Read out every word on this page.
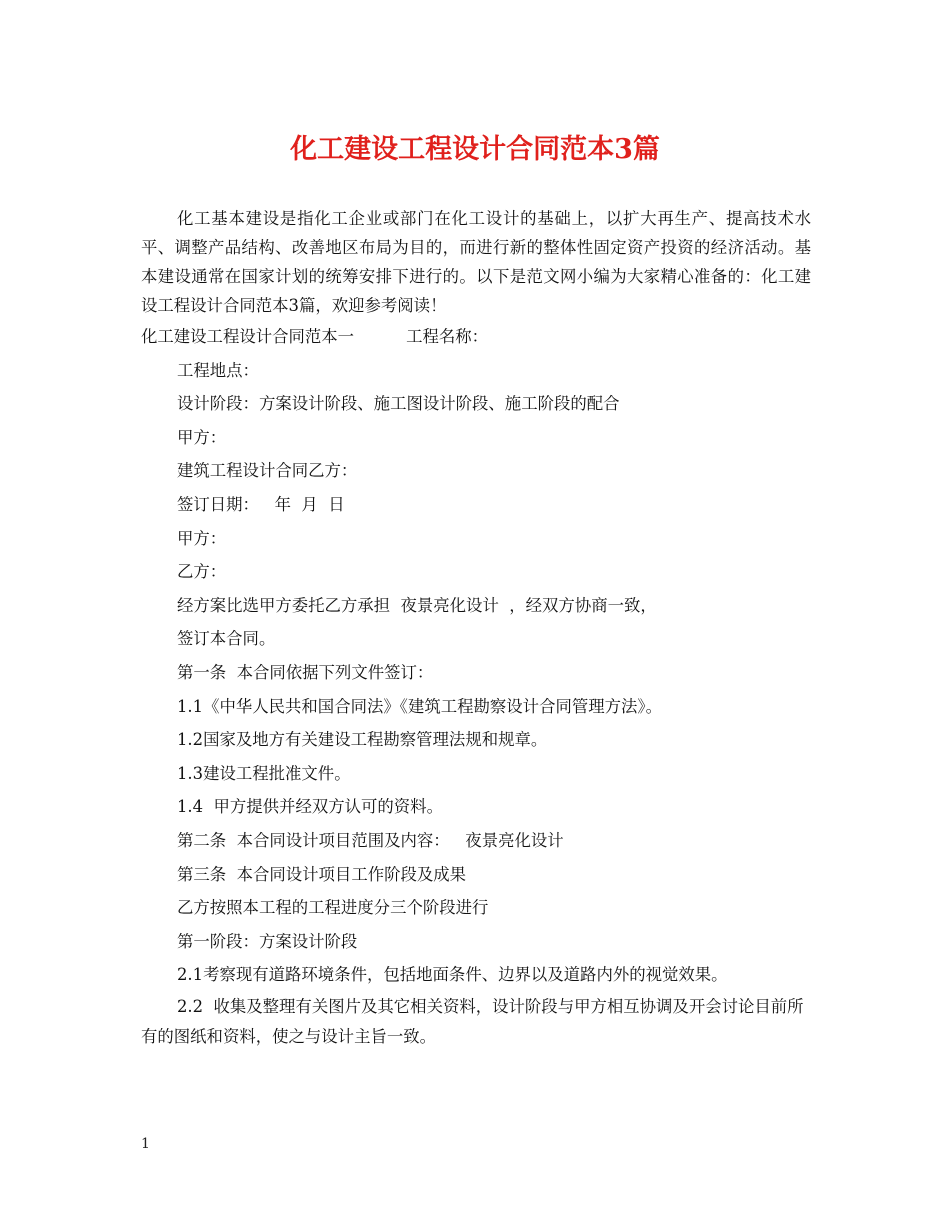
化工建设工程设计合同范本3篇

化工基本建设是指化工企业或部门在化工设计的基础上，以扩大再生产、提高技术水平、调整产品结构、改善地区布局为目的，而进行新的整体性固定资产投资的经济活动。基本建设通常在国家计划的统筹安排下进行的。以下是范文网小编为大家精心准备的：化工建设工程设计合同范本3篇，欢迎参考阅读！

化工建设工程设计合同范本一	工程名称：

工程地点：

设计阶段：方案设计阶段、施工图设计阶段、施工阶段的配合

甲方：

建筑工程设计合同乙方：

签订日期：   年  月  日

甲方：

乙方：

经方案比选甲方委托乙方承担  夜景亮化设计  ，经双方协商一致，

签订本合同。

第一条  本合同依据下列文件签订：

1.1《中华人民共和国合同法》《建筑工程勘察设计合同管理方法》。

1.2国家及地方有关建设工程勘察管理法规和规章。

1.3建设工程批准文件。

1.4  甲方提供并经双方认可的资料。

第二条  本合同设计项目范围及内容：   夜景亮化设计

第三条  本合同设计项目工作阶段及成果

乙方按照本工程的工程进度分三个阶段进行

第一阶段：方案设计阶段

2.1考察现有道路环境条件，包括地面条件、边界以及道路内外的视觉效果。

2.2  收集及整理有关图片及其它相关资料，设计阶段与甲方相互协调及开会讨论目前所有的图纸和资料，使之与设计主旨一致。

1
